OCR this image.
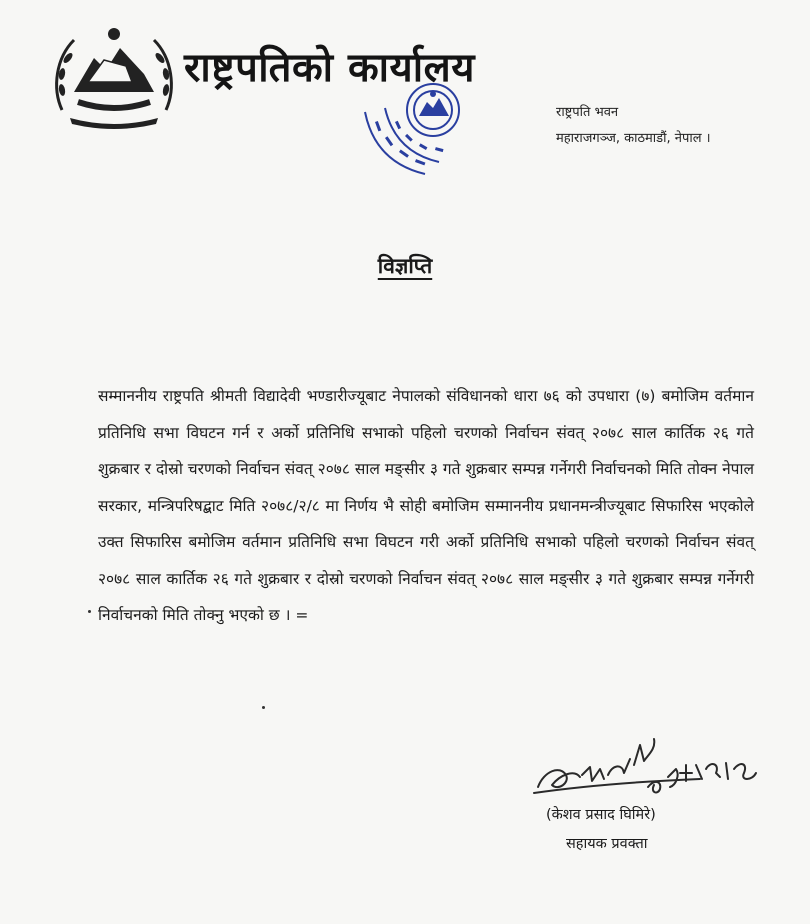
राष्ट्रपतिको कार्यालय
राष्ट्रपति भवन
महाराजगञ्ज, काठमाडौं, नेपाल ।
विज्ञप्ति
सम्माननीय राष्ट्रपति श्रीमती विद्यादेवी भण्डारीज्यूबाट नेपालको संविधानको धारा ७६ को उपधारा (७) बमोजिम वर्तमान प्रतिनिधि सभा विघटन गर्न र अर्को प्रतिनिधि सभाको पहिलो चरणको निर्वाचन संवत् २०७८ साल कार्तिक २६ गते शुक्रबार र दोस्रो चरणको निर्वाचन संवत् २०७८ साल मङ्सीर ३ गते शुक्रबार सम्पन्न गर्नेगरी निर्वाचनको मिति तोक्न नेपाल सरकार, मन्त्रिपरिषद्बाट मिति २०७८/२/८ मा निर्णय भै सोही बमोजिम सम्माननीय प्रधानमन्त्रीज्यूबाट सिफारिस भएकोले उक्त सिफारिस बमोजिम वर्तमान प्रतिनिधि सभा विघटन गरी अर्को प्रतिनिधि सभाको पहिलो चरणको निर्वाचन संवत् २०७८ साल कार्तिक २६ गते शुक्रबार र दोस्रो चरणको निर्वाचन संवत् २०७८ साल मङ्सीर ३ गते शुक्रबार सम्पन्न गर्नेगरी निर्वाचनको मिति तोक्नु भएको छ । =
(केशव प्रसाद घिमिरे)
सहायक प्रवक्ता
